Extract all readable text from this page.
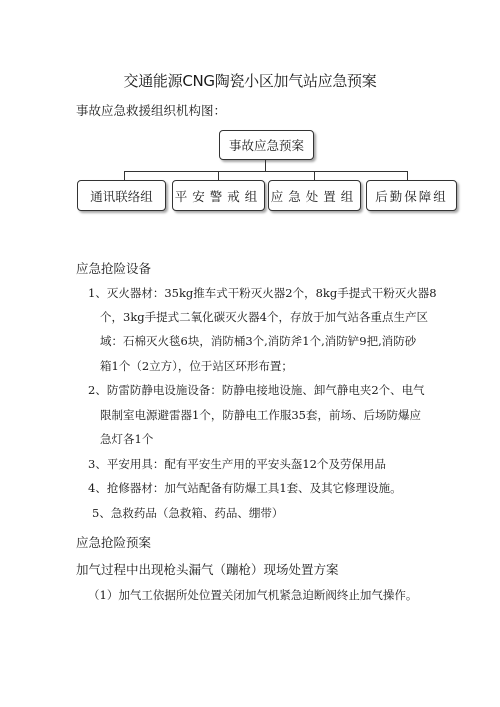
交通能源CNG陶瓷小区加气站应急预案
事故应急救援组织机构图：
事故应急预案
通讯联络组 平安警戒组 应急处置组 后勤保障组
应急抢险设备
1、灭火器材：35kg推车式干粉灭火器2个，8kg手提式干粉灭火器8
个，3kg手提式二氧化碳灭火器4个，存放于加气站各重点生产区
域：石棉灭火毯6块，消防桶3个,消防斧1个,消防铲9把,消防砂
箱1个（2立方），位于站区环形布置；
2、防雷防静电设施设备：防静电接地设施、卸气静电夹2个、电气
限制室电源避雷器1个，防静电工作服35套，前场、后场防爆应
急灯各1个
3、平安用具：配有平安生产用的平安头盔12个及劳保用品
4、抢修器材：加气站配备有防爆工具1套、及其它修理设施。
5、急救药品（急救箱、药品、绷带）
应急抢险预案
加气过程中出现枪头漏气（蹦枪）现场处置方案
（1）加气工依据所处位置关闭加气机紧急迫断阀终止加气操作。
